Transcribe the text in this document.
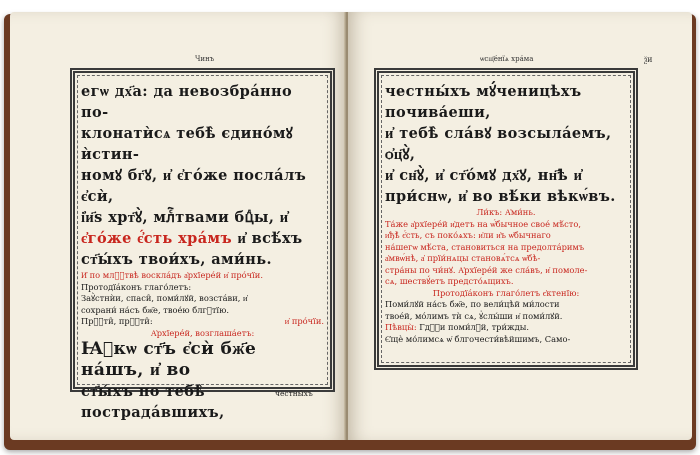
Чинъ

егѡ дх҃а: да невозбрáнно по-

клонатѝсѧ тебѣ̀ єдинóмꙋ ѝстин-

номꙋ бг҃ꙋ, и҆ є҆гóже послáлъ є҆сѝ,

і҆и҃ѕ хрт҃ꙋ̀, млⷭ҇твами бцⷣы, и҆

є҆гóже є҆́сть хрáмъ и҆ всѣ́хъ

ст҃ы́хъ твои́хъ, ами́нь.

И҆ по млⷭ҇твѣ восклáдъ а҆рхїерéй и҆ прóчїи.

Протодїáконъ глаго́летъ:

Заꙋ̀стнѝи, спаси̑, поми́лꙋй, возстáви, и҆

сохрани́ на́съ бж҃е, твое́ю блгⷣтїю.

Прⷭ҇ти̑, прⷭ҇ти̑:	и҆ прóчїи.

А҆рхїерéй, возглашáетъ:

Ꙗ҆кѡ ст҃ъ є҆сѝ бж҃е на́шъ, и҆ во

ст҃ы́хъ по тебѣ̀ пострадáвшихъ,

честны́хъ
ѡсщ҃éнїѧ хрáма	ѯи

честны́хъ мꙋ́ченицѣхъ почива́еши,

и҆ тебѣ̀ слáвꙋ возсылáемъ, ѻ҆ц҃ꙋ̀,

и҆ сн҃ꙋ̀, и҆ ст҃óмꙋ дх҃ꙋ, нн҃ѣ и҆

при́снѡ, и҆ во вѣ́ки вѣкѡ́въ.

Ли́къ: А҆ми́нь.

Та́же а҆рхїерéй и҆детъ на ѡ҆́бычное своé мѣ́сто,

и҆ђѣ̀ є҆́сть, съ поко́ѧхъ: и҆ли и҆ъ ѡ҆бычнаго

на́шегѡ мѣ́ста, становиться на предолтáримъ

а҆мвѡ́нѣ, а҆ прїи́нѧцы становѧ́тсѧ ѡ҆бѣ-

стра́ны по чи́нꙋ. А҆рхїерéй же сла́въ, и҆ помоле-

сѧ, шествꙋ́етъ предсто́ѧщихъ.

Протодїáконъ глаго́летъ є҆ктенїю:

Поми́лꙋй на́съ бж҃е, по вели́цѣй ми́лости

твоéй, мóлимъ тѝ сѧ, ꙋ҆слы́ши и҆ поми́лꙋй.

Пѣвцы̀: Гдⷭ҇и поми́лꙋй, три́жды.

Є҆щѐ мо́лимсѧ ѡ҆ блгочести́вѣйшимъ, Само-
